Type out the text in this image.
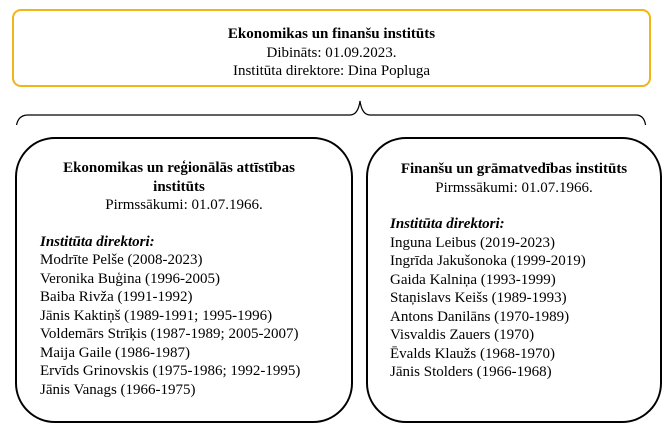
Ekonomikas un finanšu institūts
Dibināts: 01.09.2023.
Institūta direktore: Dina Popluga
Ekonomikas un reģionālās attīstības institūts
Pirmssākumi: 01.07.1966.
Institūta direktori:
Modrīte Pelše (2008-2023)
Veronika Buģina (1996-2005)
Baiba Rivža (1991-1992)
Jānis Kaktiņš (1989-1991; 1995-1996)
Voldemārs Strīķis (1987-1989; 2005-2007)
Maija Gaile (1986-1987)
Ervīds Grinovskis (1975-1986; 1992-1995)
Jānis Vanags (1966-1975)
Finanšu un grāmatvedības institūts
Pirmssākumi: 01.07.1966.
Institūta direktori:
Inguna Leibus (2019-2023)
Ingrīda Jakušonoka (1999-2019)
Gaida Kalniņa (1993-1999)
Staņislavs Keišs (1989-1993)
Antons Danilāns (1970-1989)
Visvaldis Zauers (1970)
Ēvalds Klaužs (1968-1970)
Jānis Stolders (1966-1968)
